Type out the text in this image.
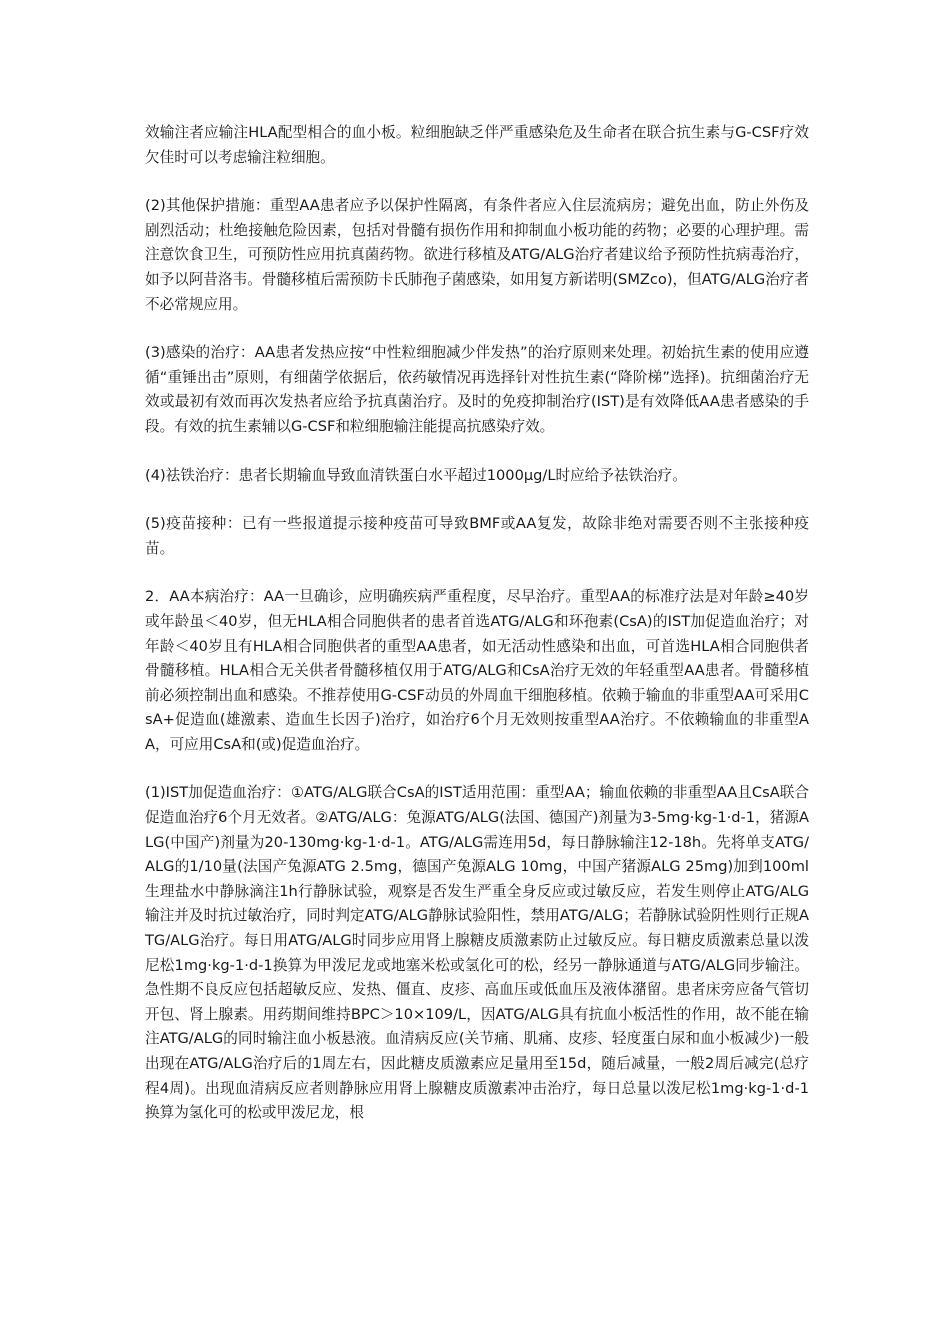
效输注者应输注HLA配型相合的血小板。粒细胞缺乏伴严重感染危及生命者在联合抗生素与G-CSF疗效欠佳时可以考虑输注粒细胞。

(2)其他保护措施：重型AA患者应予以保护性隔离，有条件者应入住层流病房；避免出血，防止外伤及剧烈活动；杜绝接触危险因素，包括对骨髓有损伤作用和抑制血小板功能的药物；必要的心理护理。需注意饮食卫生，可预防性应用抗真菌药物。欲进行移植及ATG/ALG治疗者建议给予预防性抗病毒治疗，如予以阿昔洛韦。骨髓移植后需预防卡氏肺孢子菌感染，如用复方新诺明(SMZco)，但ATG/ALG治疗者不必常规应用。

(3)感染的治疗：AA患者发热应按“中性粒细胞减少伴发热”的治疗原则来处理。初始抗生素的使用应遵循“重锤出击”原则，有细菌学依据后，依药敏情况再选择针对性抗生素(“降阶梯”选择)。抗细菌治疗无效或最初有效而再次发热者应给予抗真菌治疗。及时的免疫抑制治疗(IST)是有效降低AA患者感染的手段。有效的抗生素辅以G-CSF和粒细胞输注能提高抗感染疗效。

(4)祛铁治疗：患者长期输血导致血清铁蛋白水平超过1000μg/L时应给予祛铁治疗。

(5)疫苗接种：已有一些报道提示接种疫苗可导致BMF或AA复发，故除非绝对需要否则不主张接种疫苗。

2．AA本病治疗：AA一旦确诊，应明确疾病严重程度，尽早治疗。重型AA的标准疗法是对年龄≥40岁或年龄虽＜40岁，但无HLA相合同胞供者的患者首选ATG/ALG和环孢素(CsA)的IST加促造血治疗；对年龄＜40岁且有HLA相合同胞供者的重型AA患者，如无活动性感染和出血，可首选HLA相合同胞供者骨髓移植。HLA相合无关供者骨髓移植仅用于ATG/ALG和CsA治疗无效的年轻重型AA患者。骨髓移植前必须控制出血和感染。不推荐使用G-CSF动员的外周血干细胞移植。依赖于输血的非重型AA可采用CsA+促造血(雄激素、造血生长因子)治疗，如治疗6个月无效则按重型AA治疗。不依赖输血的非重型AA，可应用CsA和(或)促造血治疗。

(1)IST加促造血治疗：①ATG/ALG联合CsA的IST适用范围：重型AA；输血依赖的非重型AA且CsA联合促造血治疗6个月无效者。②ATG/ALG：兔源ATG/ALG(法国、德国产)剂量为3-5mg·kg-1·d-1，猪源ALG(中国产)剂量为20-130mg·kg-1·d-1。ATG/ALG需连用5d，每日静脉输注12-18h。先将单支ATG/ALG的1/10量(法国产兔源ATG 2.5mg，德国产兔源ALG 10mg，中国产猪源ALG 25mg)加到100ml生理盐水中静脉滴注1h行静脉试验，观察是否发生严重全身反应或过敏反应，若发生则停止ATG/ALG输注并及时抗过敏治疗，同时判定ATG/ALG静脉试验阳性，禁用ATG/ALG；若静脉试验阴性则行正规ATG/ALG治疗。每日用ATG/ALG时同步应用肾上腺糖皮质激素防止过敏反应。每日糖皮质激素总量以泼尼松1mg·kg-1·d-1换算为甲泼尼龙或地塞米松或氢化可的松，经另一静脉通道与ATG/ALG同步输注。急性期不良反应包括超敏反应、发热、僵直、皮疹、高血压或低血压及液体潴留。患者床旁应备气管切开包、肾上腺素。用药期间维持BPC＞10×109/L，因ATG/ALG具有抗血小板活性的作用，故不能在输注ATG/ALG的同时输注血小板悬液。血清病反应(关节痛、肌痛、皮疹、轻度蛋白尿和血小板减少)一般出现在ATG/ALG治疗后的1周左右，因此糖皮质激素应足量用至15d，随后减量，一般2周后减完(总疗程4周)。出现血清病反应者则静脉应用肾上腺糖皮质激素冲击治疗，每日总量以泼尼松1mg·kg-1·d-1换算为氢化可的松或甲泼尼龙，根
